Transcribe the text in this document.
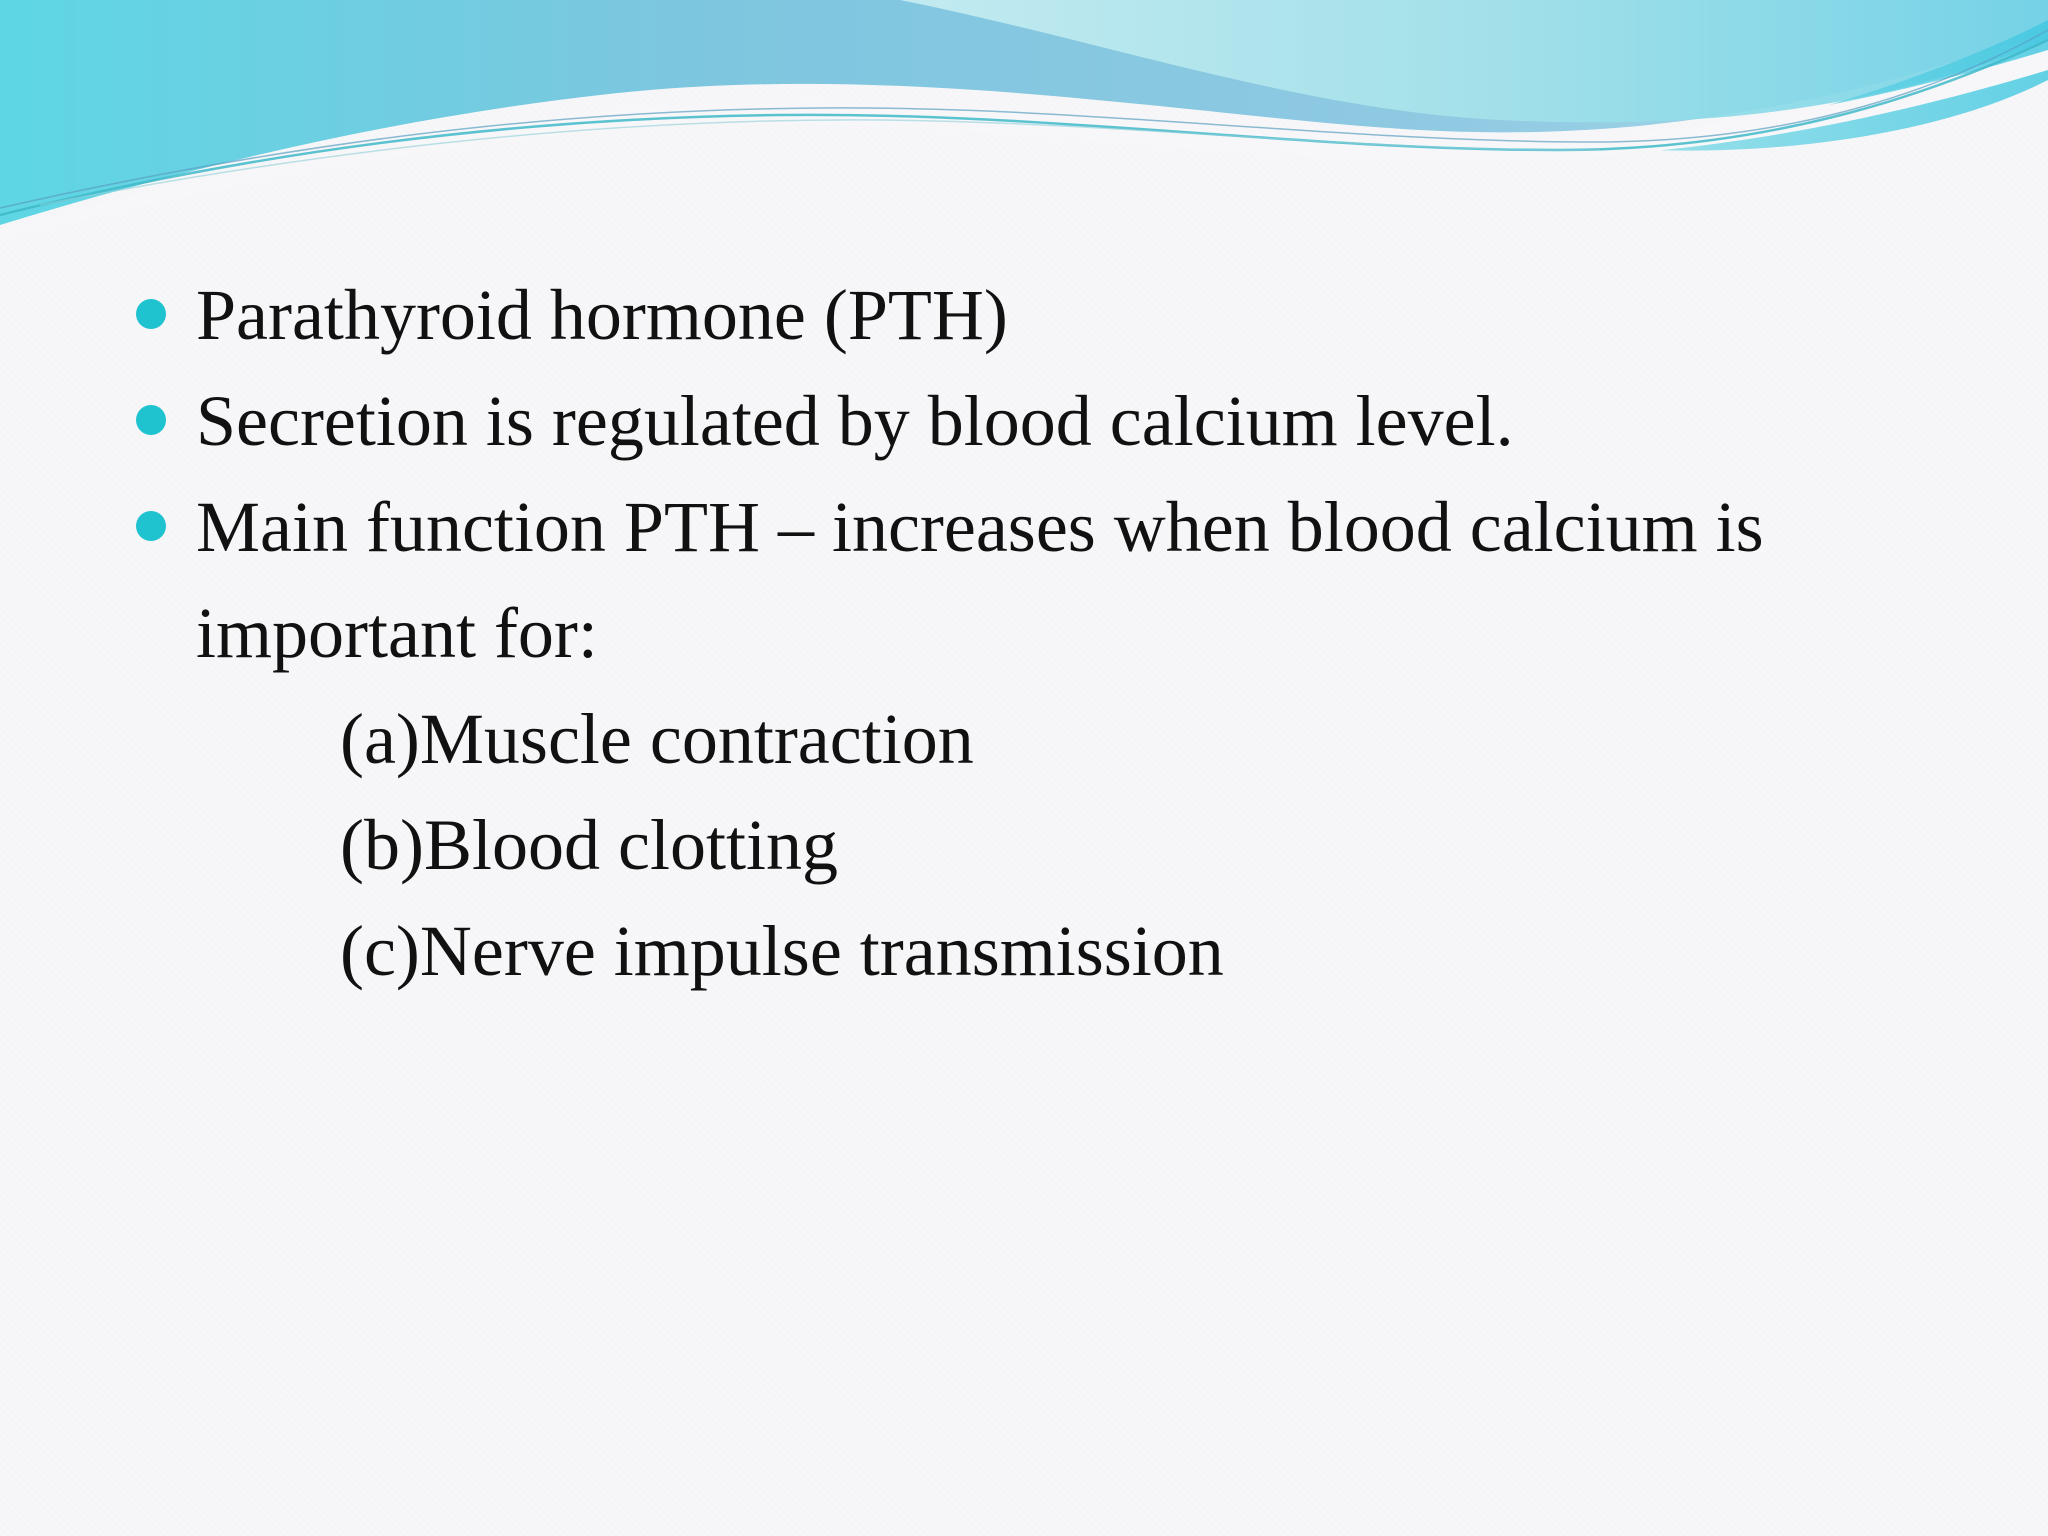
Parathyroid hormone (PTH)
Secretion is regulated by blood calcium level.
Main function PTH – increases when blood calcium is important for:
(a)Muscle contraction
(b)Blood clotting
(c)Nerve impulse transmission
